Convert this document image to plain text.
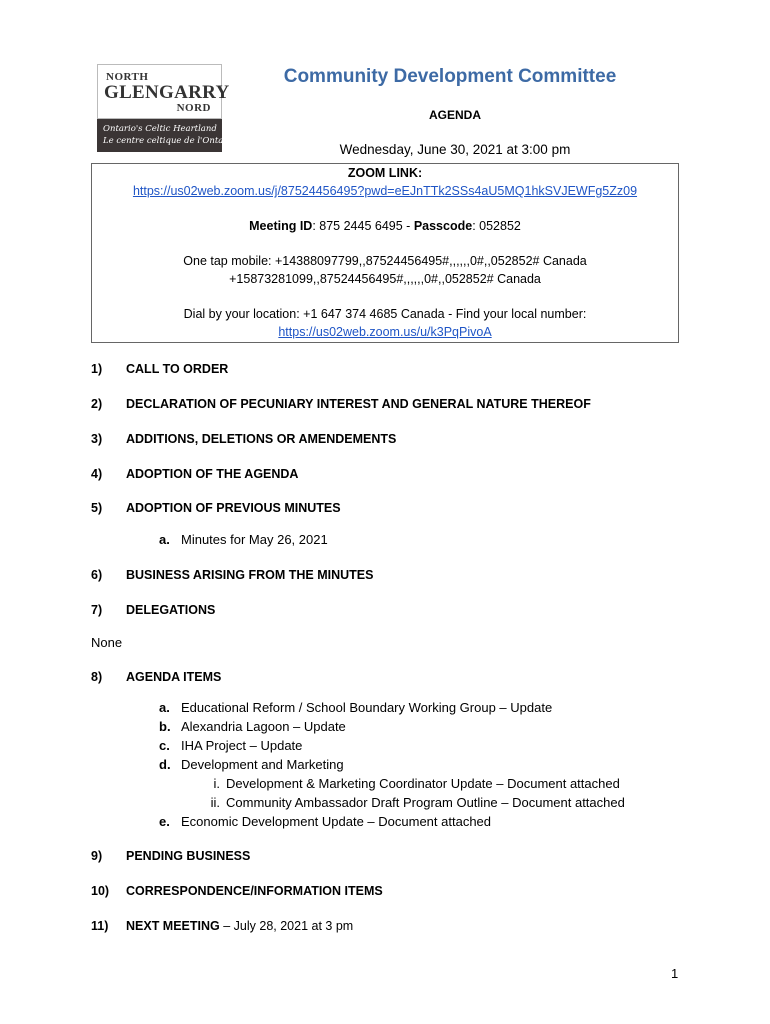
NORTH
GLENGARRY
NORD
Ontario's Celtic Heartland
Le centre celtique de l'Ontario
Community Development Committee
AGENDA
Wednesday, June 30, 2021 at 3:00 pm
ZOOM LINK:
https://us02web.zoom.us/j/87524456495?pwd=eEJnTTk2SSs4aU5MQ1hkSVJEWFg5Zz09
Meeting ID: 875 2445 6495 - Passcode: 052852
One tap mobile: +14388097799,,87524456495#,,,,,,0#,,052852# Canada
+15873281099,,87524456495#,,,,,,0#,,052852# Canada
Dial by your location: +1 647 374 4685 Canada - Find your local number:
https://us02web.zoom.us/u/k3PqPivoA
1)	CALL TO ORDER
2)	DECLARATION OF PECUNIARY INTEREST AND GENERAL NATURE THEREOF
3)	ADDITIONS, DELETIONS OR AMENDEMENTS
4)	ADOPTION OF THE AGENDA
5)	ADOPTION OF PREVIOUS MINUTES
a. Minutes for May 26, 2021
6)	BUSINESS ARISING FROM THE MINUTES
7)	DELEGATIONS
None
8)	AGENDA ITEMS
a. Educational Reform / School Boundary Working Group – Update
b. Alexandria Lagoon – Update
c. IHA Project – Update
d. Development and Marketing
i. Development & Marketing Coordinator Update – Document attached
ii. Community Ambassador Draft Program Outline – Document attached
e. Economic Development Update – Document attached
9)	PENDING BUSINESS
10)	CORRESPONDENCE/INFORMATION ITEMS
11)	NEXT MEETING – July 28, 2021 at 3 pm
1
